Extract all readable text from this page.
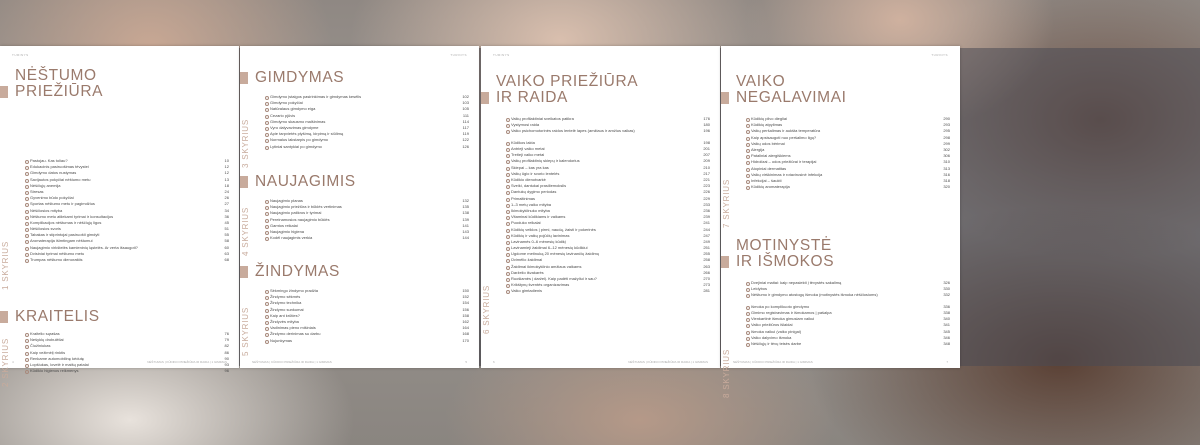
TURINYS
NĖŠTUMO
PRIEŽIŪRA
1 SKYRIUS
Pastojau. Kas toliau?	10
Edukacinis pasiruošimas tėvystei	12
Gimdymo datos nustymas	12
Savijautos pokyčiai nėštumo metu	13
Nėščiųjų anemija	18
Stresas	24
Gyvenimo būdo pokyčiai	26
Sportas nėštumo metu ir pagimdžius	27
Nėščiosios mityba	34
Nėštumo metu atliekami tyrimai ir konsultacijos	36
Komplikacijos nėštumas ir nėščiųjų ligos	45
Nėščiosios svoris	51
Tabakas ir stiprintojai pasiruošti gimdyti	55
Aromaterapija išimtingam nėštumui	58
Naujagimio virkštelės kamieninių ląstelės. Ar verta išsaugoti?	60
Dvisiniai tyrimai nėštumo metu	63
Trumpas nėštumo dienoraštis	68
KRAITELIS
2 SKYRIUS
Kraitelio sąrašas	76
Nešyklų drobulėliai	79
Čiužiniukas	82
Kaip vežimėlį rinktis	86
Renkame automobilinę kėdutę	90
Lopšiukas, lovelė ir maišų patalai	93
Kūdikio higienos reikmenys	96
4	NĖŠTUMAS | KŪDIKIO PRIEŽIŪRA IR RAIDA | 1 GIMIMAS
TURINYS
GIMDYMAS
3 SKYRIUS
Gimdymo įstaigos pasirinkimas ir gimdymas kesėlis	102
Gimdymo pokyčiai	103
Natūralaus gimdymo eiga	105
Cezario pjūvis	111
Gimdymo skausmo malšinimas	114
Vyro dalyvavimas gimdyme	117
Apie tarpvietės plyšimą, kirpimą ir siūlimą	119
Normalus lakstarpis po gimdymo	122
Lytiniai santykiai po gimdymo	126
NAUJAGIMIS
4 SKYRIUS
Naujagimio planas	132
Naujagimio priežiūra ir būklės vertinimas	135
Naujagimio patikros ir tyrimai	138
Pereinamosios naujagimio būklės	139
Gamtos reikalai	141
Naujagimio higiena	143
Kodėl naujagimis verkia	144
ŽINDYMAS
5 SKYRIUS
Sėkmingo žindymo pradžia	150
Žindymo sėkmės	152
Žindymo technika	154
Žindymo sunkumai	156
Kaip ant krūties?	158
Žindyvės mityba	162
Vadinimas pieno mišiniais	164
Žindymo derinimas su darbu	168
Nujunkymas	170
NĖŠTUMAS | KŪDIKIO PRIEŽIŪRA IR RAIDA | 1 GIMIMAS	5
TURINYS
VAIKO PRIEŽIŪRA
IR RAIDA
6 SKYRIUS
Vaikų profilaktiniai sveikatos patikra	176
Vystymosi raida	180
Vaiko psichomotorinės raidos lentelė lapes (amžiaus ir amžius vaikas)	196
Kūdikos lakta	198
Antrieji vaiko metai	201
Tretieji vaiko metai	207
Vaikų profilaktinių skiepų ir kalendorius	209
Skiepai – kas yra kas	210
Vaikų ūgio ir svorio lentelės	217
Kūdikio dienotvarkė	221
Sveiki, dantukai prasiliemokslis	223
Dantukų dygimo periodas	226
Primaitinimas	229
1–3 metų vaiko mityba	233
Ikimokyklinuko mityba	236
Vitaminai kūdikiams ir vaikams	239
Puoduko reikalai	241
Kūdikių veiklos | pirmi, naudą, žaisti ir pokerinės	244
Kūdikių ir vaikų pojūčių lavinimas	247
Lavinamės 0–6 mėnesių kūdikį	249
Lavinamieji žaidimai 6–12 mėnesių kūdikiui	251
Ugdome metinuką 20 mėnesių lavinančių žaidimų	255
Ūvimėlio žaidimai	258
Žaidimai ikimokyklinio amžiaus vaikams	263
Darželio išvakarės	266
Ruošiamės į darželį. Kaip padėti mažyliui ir sau?	270
Krikštynų šventės organizavimas	273
Vaiko gimtadienis	281
6	NĖŠTUMAS | KŪDIKIO PRIEŽIŪRA IR RAIDA | 1 GIMIMAS
TURINYS
VAIKO
NEGALAVIMAI
7 SKYRIUS
Kūdikių pilvo diegliai	290
Kūdikių atpylimas	293
Vaikų peršalimas ir aukšta temperatūra	295
Kaip apsisaugoti nuo peršalimo ligų?	298
Vaikų odos bėrimai	299
Alergija	302
Pataliniai alergiškiems	306
Hidrolizai – odos priežiūrai ir terapijai	310
Atopiniai dermatitas	313
Vaikų virškinimas ir rotavirusinė infekcija	316
Infekcijai – šaukti	318
Kūdikių aromaterapija	320
MOTINYSTĖ
IR IŠMOKOS
8 SKYRIUS
Dvejiniai maitai: kaip nepasiekti į tėvystės sakalimą	326
Leidybos	330
Nėštumo ir gimdymo atostogų išmoka (motinystės išmoka nėščiosioms)	332
Išmoka po komplikuoto gimdymo	336
Gimimo registravimas ir išmokamos | pašalpa	338
Vienkartinė išmoka gimusiam vaikui	340
Vaiko priežiūros išlaidai	341
Išmoka vaikui (vaiko pinigai)	345
Vaiko dalyvimo išmoka	346
Nėščiųjų ir tėvų teisės darbe	348
NĖŠTUMAS | KŪDIKIO PRIEŽIŪRA IR RAIDA | 1 GIMIMAS	7
